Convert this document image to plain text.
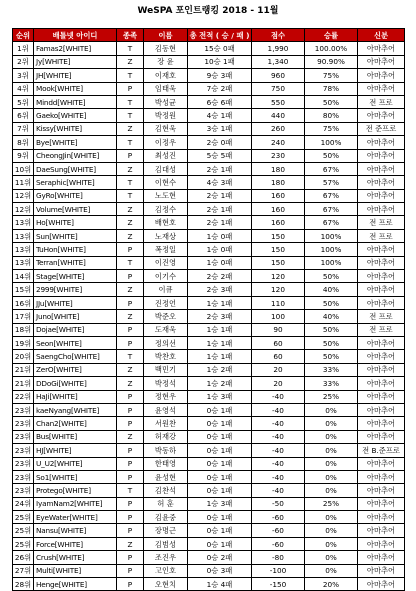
WeSPA 포인트랭킹 2018 - 11월
순위	배틀넷 아이디	종족	이름	총 전적 ( 승 / 패 )	점수	승률	신분
1위	Famas2[WHITE]	T	김동현	15승 0패	1,990	100.00%	아마추어
2위	Jy[WHITE]	Z	장 윤	10승 1패	1,340	90.90%	아마추어
3위	JH[WHITE]	T	이재호	9승 3패	960	75%	아마추어
4위	Mook[WHITE]	P	임태욱	7승 2패	750	78%	아마추어
5위	Mindd[WHITE]	T	박성균	6승 6패	550	50%	전 프로
6위	Gaeko[WHITE]	T	박정원	4승 1패	440	80%	아마추어
7위	Kissy[WHITE]	Z	김현욱	3승 1패	260	75%	전 준프로
8위	Bye[WHITE]	T	이정우	2승 0패	240	100%	아마추어
9위	CheongJin[WHITE]	P	최성진	5승 5패	230	50%	아마추어
10위	DaeSung[WHITE]	Z	김대성	2승 1패	180	67%	아마추어
11위	Seraphic[WHITE]	T	이현수	4승 3패	180	57%	아마추어
12위	GyRo[WHITE]	T	노도현	2승 1패	160	67%	아마추어
12위	Volume[WHITE]	Z	김정수	2승 1패	160	67%	아마추어
13위	Ho[WHITE]	Z	배현호	2승 1패	160	67%	전 프로
13위	Sun[WHITE]	Z	노재상	1승 0패	150	100%	전 프로
13위	TuHon[WHITE]	P	폭정일	1승 0패	150	100%	아마추어
13위	Terran[WHITE]	T	이진영	1승 0패	150	100%	아마추어
14위	Stage[WHITE]	P	이기수	2승 2패	120	50%	아마추어
15위	2999[WHITE]	Z	이큐	2승 3패	120	40%	아마추어
16위	JJu[WHITE]	P	진정언	1승 1패	110	50%	아마추어
17위	Juno[WHITE]	Z	박준오	2승 3패	100	40%	전 프로
18위	Dojae[WHITE]	P	도재욱	1승 1패	90	50%	전 프로
19위	Seon[WHITE]	P	정의선	1승 1패	60	50%	아마추어
20위	SaengCho[WHITE]	T	박찬호	1승 1패	60	50%	아마추어
21위	ZerO[WHITE]	Z	백민기	1승 2패	20	33%	아마추어
21위	DDoGi[WHITE]	Z	박정석	1승 2패	20	33%	아마추어
22위	HaJi[WHITE]	P	정현우	1승 3패	-40	25%	아마추어
23위	kaeNyang[WHITE]	P	윤영석	0승 1패	-40	0%	아마추어
23위	Chan2[WHITE]	P	서원찬	0승 1패	-40	0%	아마추어
23위	Bus[WHITE]	Z	허재강	0승 1패	-40	0%	아마추어
23위	HJ[WHITE]	P	박동하	0승 1패	-40	0%	전 B.준프로
23위	U_U2[WHITE]	P	한태영	0승 1패	-40	0%	아마추어
23위	So1[WHITE]	P	윤성현	0승 1패	-40	0%	아마추어
23위	Protego[WHITE]	T	김찬석	0승 1패	-40	0%	아마추어
24위	IyamNam2[WHITE]	P	허 훈	1승 3패	-50	25%	아마추어
25위	EyeWater[WHITE]	P	김윤중	0승 1패	-60	0%	아마추어
25위	Nansu[WHITE]	P	장명근	0승 1패	-60	0%	아마추어
25위	Force[WHITE]	Z	김범성	0승 1패	-60	0%	아마추어
26위	Crush[WHITE]	P	조진우	0승 2패	-80	0%	아마추어
27위	Multi[WHITE]	P	고인호	0승 3패	-100	0%	아마추어
28위	Henge[WHITE]	P	오현치	1승 4패	-150	20%	아마추어
